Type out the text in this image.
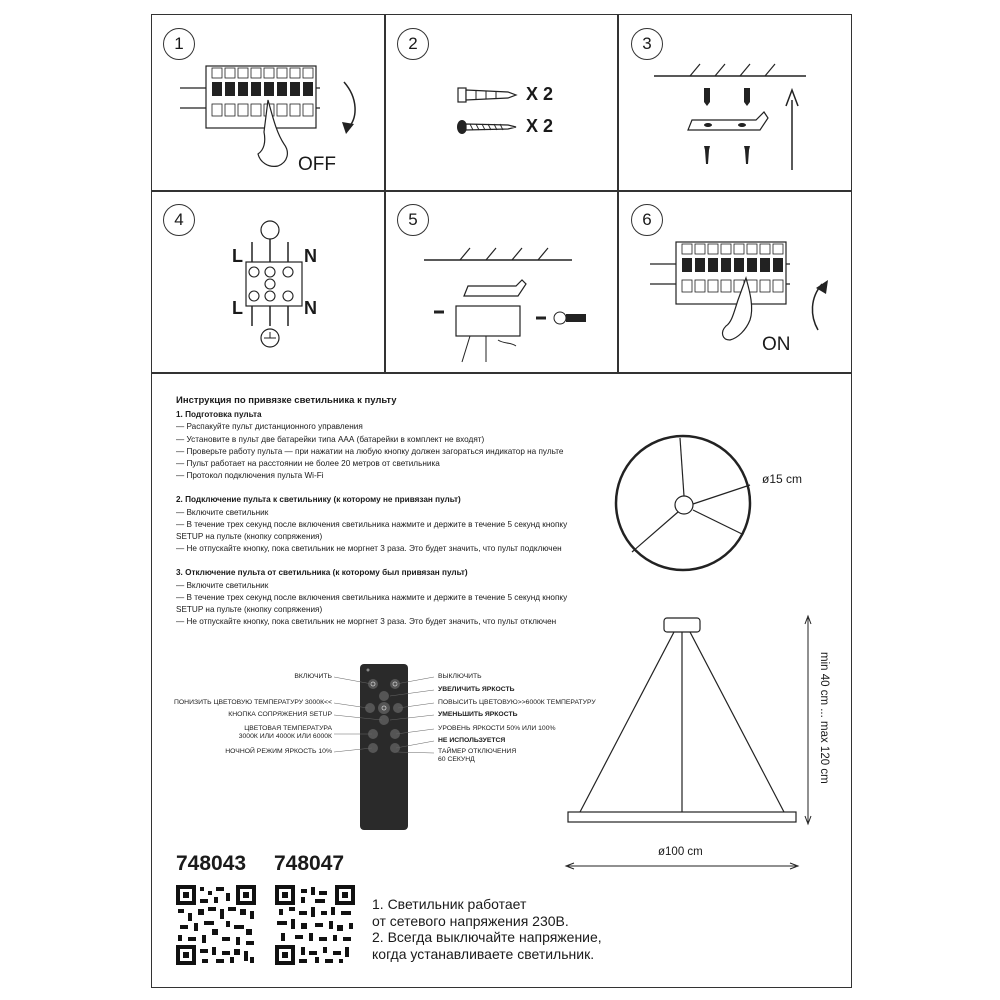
1	2	3
4	5	6
OFF
X 2
X 2
L	N
L	N
ON
Инструкция по привязке светильника к пульту
1. Подготовка пульта
— Распакуйте пульт дистанционного управления
— Установите в пульт две батарейки типа ААА (батарейки в комплект не входят)
— Проверьте работу пульта — при нажатии на любую кнопку должен загораться индикатор на пульте
— Пульт работает на расстоянии не более 20 метров от светильника
— Протокол подключения пульта Wi-Fi
2. Подключение пульта к светильнику (к которому не привязан пульт)
— Включите светильник
— В течение трех секунд после включения светильника нажмите и держите в течение 5 секунд кнопку
SETUP на пульте (кнопку сопряжения)
— Не отпускайте кнопку, пока светильник не моргнет 3 раза. Это будет значить, что пульт подключен
3. Отключение пульта от светильника (к которому был привязан пульт)
— Включите светильник
— В течение трех секунд после включения светильника нажмите и держите в течение 5 секунд кнопку
SETUP на пульте (кнопку сопряжения)
— Не отпускайте кнопку, пока светильник не моргнет 3 раза. Это будет значить, что пульт отключен
ВКЛЮЧИТЬ
ПОНИЗИТЬ ЦВЕТОВУЮ ТЕМПЕРАТУРУ 3000К<<
КНОПКА СОПРЯЖЕНИЯ SETUP
ЦВЕТОВАЯ ТЕМПЕРАТУРА
3000К ИЛИ 4000К ИЛИ 6000К
НОЧНОЙ РЕЖИМ ЯРКОСТЬ 10%
ВЫКЛЮЧИТЬ
УВЕЛИЧИТЬ ЯРКОСТЬ
ПОВЫСИТЬ ЦВЕТОВУЮ>>6000К ТЕМПЕРАТУРУ
УМЕНЬШИТЬ ЯРКОСТЬ
УРОВЕНЬ ЯРКОСТИ 50% ИЛИ 100%
НЕ ИСПОЛЬЗУЕТСЯ
ТАЙМЕР ОТКЛЮЧЕНИЯ
60 СЕКУНД
ø15 cm
min 40 cm ... max 120 cm
ø100 cm
748043 748047
1. Светильник работает
от сетевого напряжения 230В.
2. Всегда выключайте напряжение,
когда устанавливаете светильник.
